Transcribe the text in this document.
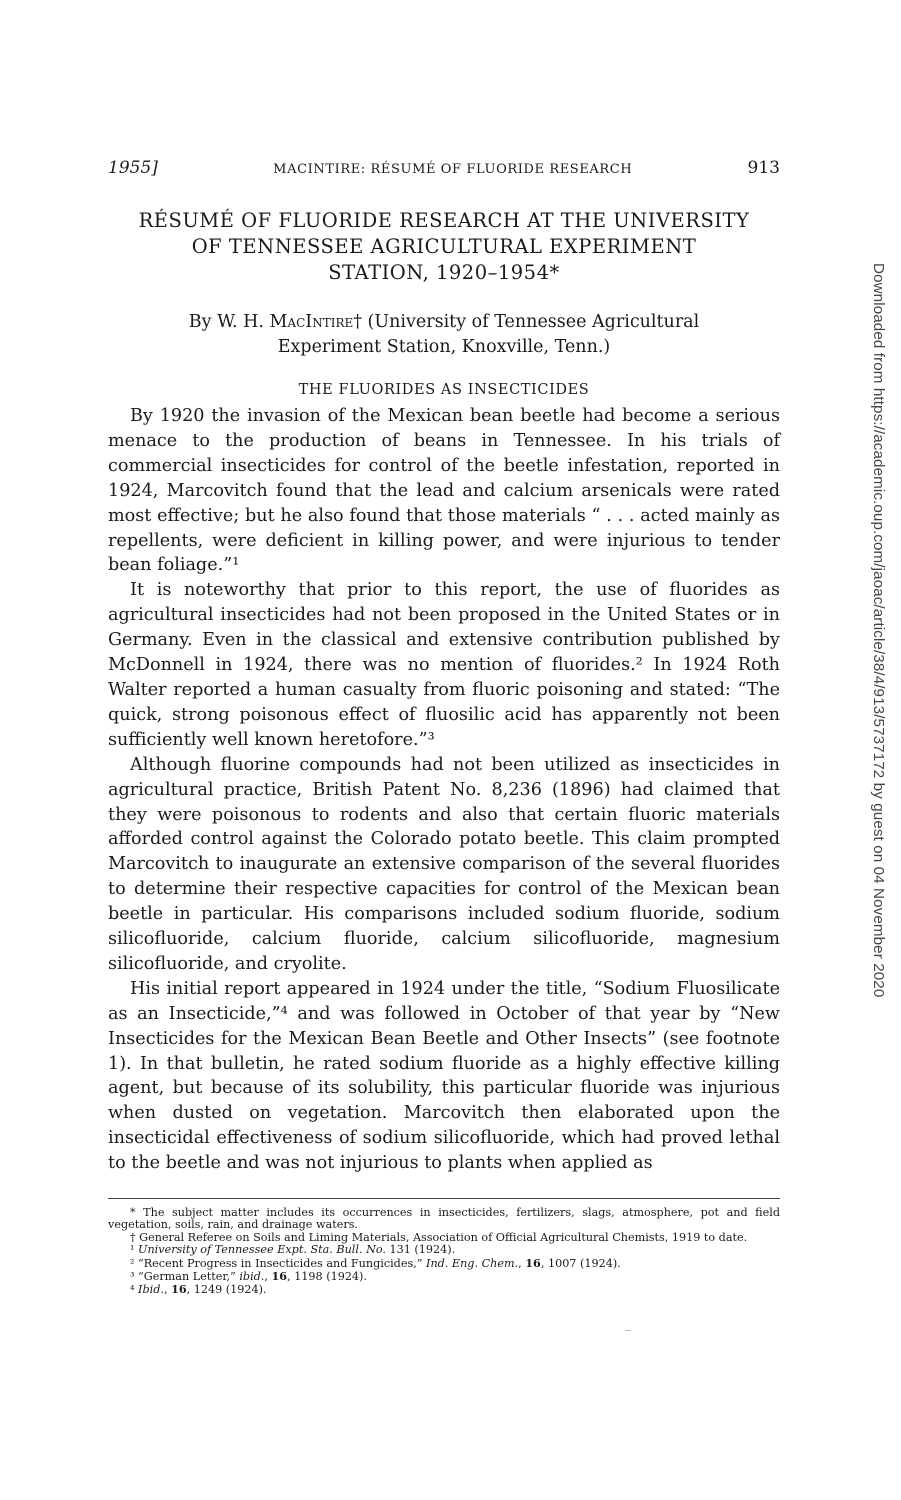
1955]	MACINTIRE: RÉSUMÉ OF FLUORIDE RESEARCH	913
RÉSUMÉ OF FLUORIDE RESEARCH AT THE UNIVERSITY
OF TENNESSEE AGRICULTURAL EXPERIMENT
STATION, 1920–1954*
By W. H. MacIntire† (University of Tennessee Agricultural
Experiment Station, Knoxville, Tenn.)
THE FLUORIDES AS INSECTICIDES

By 1920 the invasion of the Mexican bean beetle had become a serious menace to the production of beans in Tennessee. In his trials of commercial insecticides for control of the beetle infestation, reported in 1924, Marcovitch found that the lead and calcium arsenicals were rated most effective; but he also found that those materials “ . . . acted mainly as repellents, were deficient in killing power, and were injurious to tender bean foliage.”¹

It is noteworthy that prior to this report, the use of fluorides as agricultural insecticides had not been proposed in the United States or in Germany. Even in the classical and extensive contribution published by McDonnell in 1924, there was no mention of fluorides.² In 1924 Roth Walter reported a human casualty from fluoric poisoning and stated: “The quick, strong poisonous effect of fluosilic acid has apparently not been sufficiently well known heretofore.”³

Although fluorine compounds had not been utilized as insecticides in agricultural practice, British Patent No. 8,236 (1896) had claimed that they were poisonous to rodents and also that certain fluoric materials afforded control against the Colorado potato beetle. This claim prompted Marcovitch to inaugurate an extensive comparison of the several fluorides to determine their respective capacities for control of the Mexican bean beetle in particular. His comparisons included sodium fluoride, sodium silicofluoride, calcium fluoride, calcium silicofluoride, magnesium silicofluoride, and cryolite.

His initial report appeared in 1924 under the title, “Sodium Fluosilicate as an Insecticide,”⁴ and was followed in October of that year by “New Insecticides for the Mexican Bean Beetle and Other Insects” (see footnote 1). In that bulletin, he rated sodium fluoride as a highly effective killing agent, but because of its solubility, this particular fluoride was injurious when dusted on vegetation. Marcovitch then elaborated upon the insecticidal effectiveness of sodium silicofluoride, which had proved lethal to the beetle and was not injurious to plants when applied as

* The subject matter includes its occurrences in insecticides, fertilizers, slags, atmosphere, pot and field vegetation, soils, rain, and drainage waters.

† General Referee on Soils and Liming Materials, Association of Official Agricultural Chemists, 1919 to date.

¹ University of Tennessee Expt. Sta. Bull. No. 131 (1924).

² “Recent Progress in Insecticides and Fungicides,” Ind. Eng. Chem., 16, 1007 (1924).

³ “German Letter,” ibid., 16, 1198 (1924).

⁴ Ibid., 16, 1249 (1924).

Downloaded from https://academic.oup.com/jaoac/article/38/4/913/5737172 by guest on 04 November 2020
